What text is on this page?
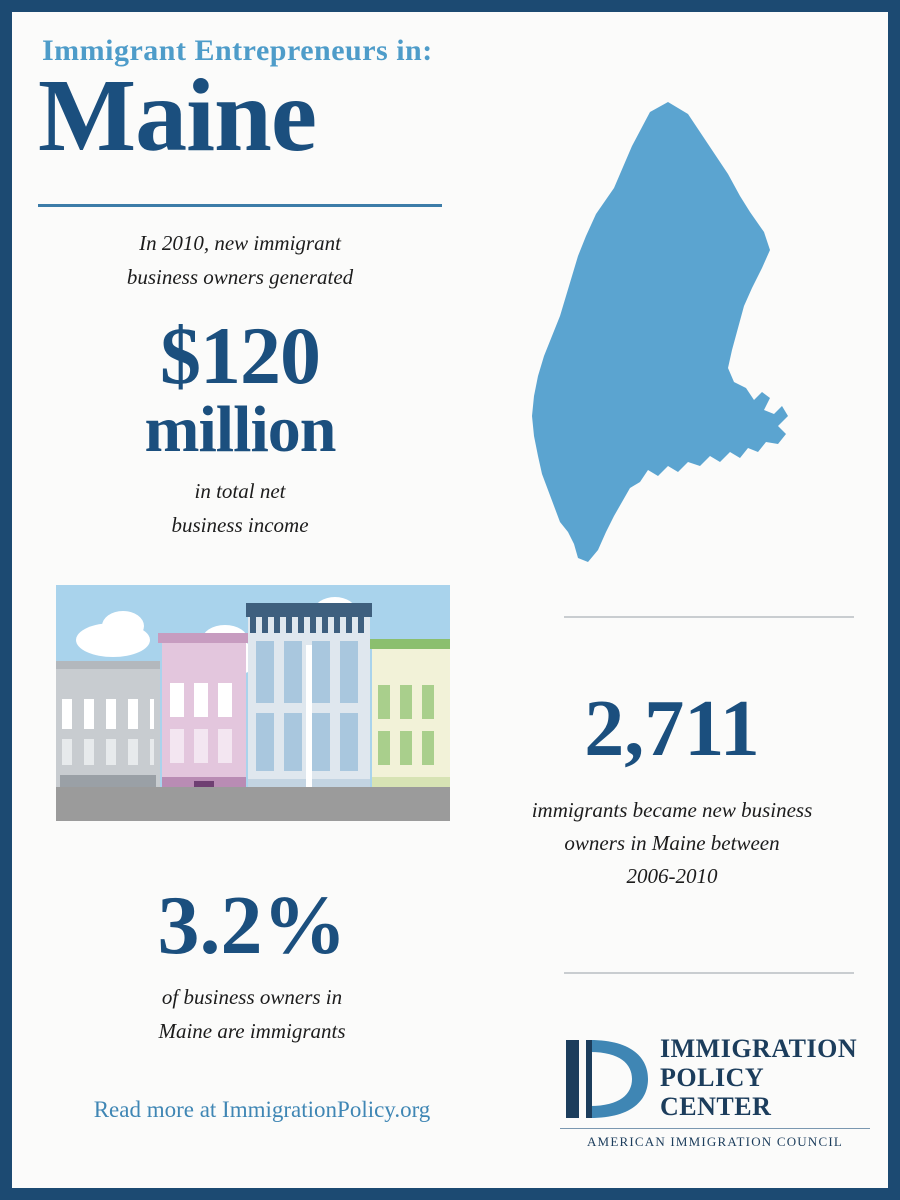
Immigrant Entrepreneurs in:
Maine
In 2010, new immigrant
business owners generated
$120
million
in total net
business income
3.2%
of business owners in
Maine are immigrants
Read more at ImmigrationPolicy.org
2,711
immigrants became new business
owners in Maine between
2006-2010
IMMIGRATION
POLICY
CENTER
AMERICAN IMMIGRATION COUNCIL
